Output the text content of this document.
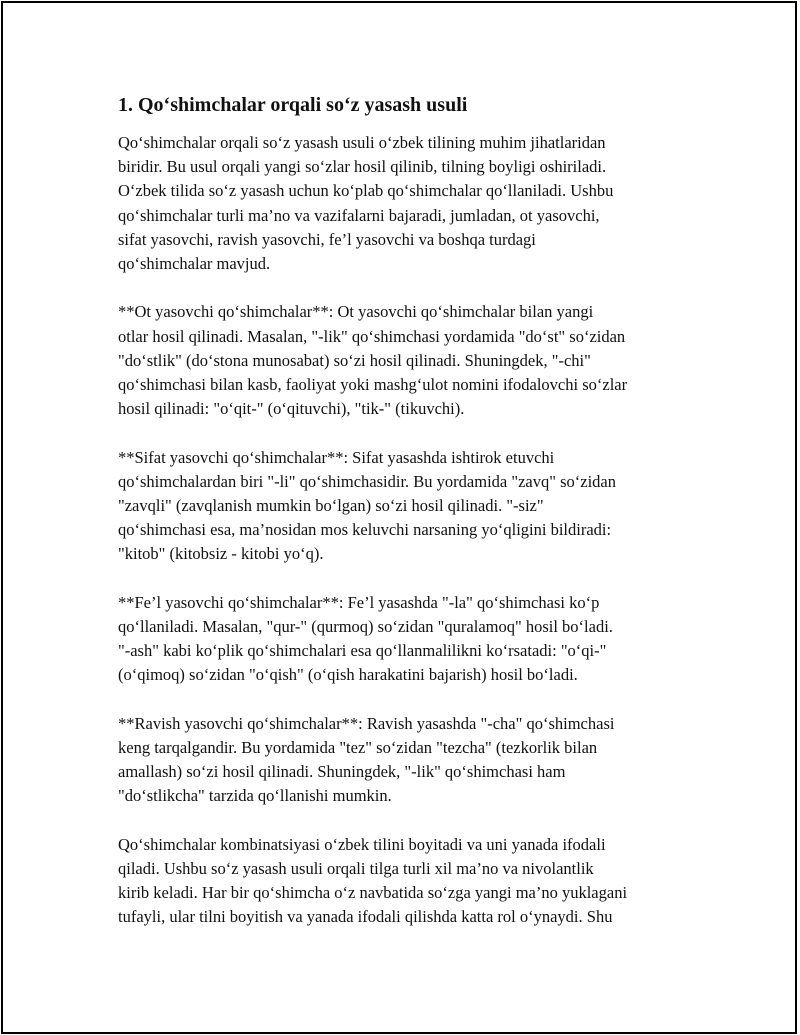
1. Qo‘shimchalar orqali so‘z yasash usuli

Qo‘shimchalar orqali so‘z yasash usuli o‘zbek tilining muhim jihatlaridan
biridir. Bu usul orqali yangi so‘zlar hosil qilinib, tilning boyligi oshiriladi.
O‘zbek tilida so‘z yasash uchun ko‘plab qo‘shimchalar qo‘llaniladi. Ushbu
qo‘shimchalar turli ma’no va vazifalarni bajaradi, jumladan, ot yasovchi,
sifat yasovchi, ravish yasovchi, fe’l yasovchi va boshqa turdagi
qo‘shimchalar mavjud.

**Ot yasovchi qo‘shimchalar**: Ot yasovchi qo‘shimchalar bilan yangi
otlar hosil qilinadi. Masalan, "-lik" qo‘shimchasi yordamida "do‘st" so‘zidan
"do‘stlik" (do‘stona munosabat) so‘zi hosil qilinadi. Shuningdek, "-chi"
qo‘shimchasi bilan kasb, faoliyat yoki mashg‘ulot nomini ifodalovchi so‘zlar
hosil qilinadi: "o‘qit-" (o‘qituvchi), "tik-" (tikuvchi).

**Sifat yasovchi qo‘shimchalar**: Sifat yasashda ishtirok etuvchi
qo‘shimchalardan biri "-li" qo‘shimchasidir. Bu yordamida "zavq" so‘zidan
"zavqli" (zavqlanish mumkin bo‘lgan) so‘zi hosil qilinadi. "-siz"
qo‘shimchasi esa, ma’nosidan mos keluvchi narsaning yo‘qligini bildiradi:
"kitob" (kitobsiz - kitobi yo‘q).

**Fe’l yasovchi qo‘shimchalar**: Fe’l yasashda "-la" qo‘shimchasi ko‘p
qo‘llaniladi. Masalan, "qur-" (qurmoq) so‘zidan "quralamoq" hosil bo‘ladi.
"-ash" kabi ko‘plik qo‘shimchalari esa qo‘llanmalilikni ko‘rsatadi: "o‘qi-"
(o‘qimoq) so‘zidan "o‘qish" (o‘qish harakatini bajarish) hosil bo‘ladi.

**Ravish yasovchi qo‘shimchalar**: Ravish yasashda "-cha" qo‘shimchasi
keng tarqalgandir. Bu yordamida "tez" so‘zidan "tezcha" (tezkorlik bilan
amallash) so‘zi hosil qilinadi. Shuningdek, "-lik" qo‘shimchasi ham
"do‘stlikcha" tarzida qo‘llanishi mumkin.

Qo‘shimchalar kombinatsiyasi o‘zbek tilini boyitadi va uni yanada ifodali
qiladi. Ushbu so‘z yasash usuli orqali tilga turli xil ma’no va nivolantlik
kirib keladi. Har bir qo‘shimcha o‘z navbatida so‘zga yangi ma’no yuklagani
tufayli, ular tilni boyitish va yanada ifodali qilishda katta rol o‘ynaydi. Shu
